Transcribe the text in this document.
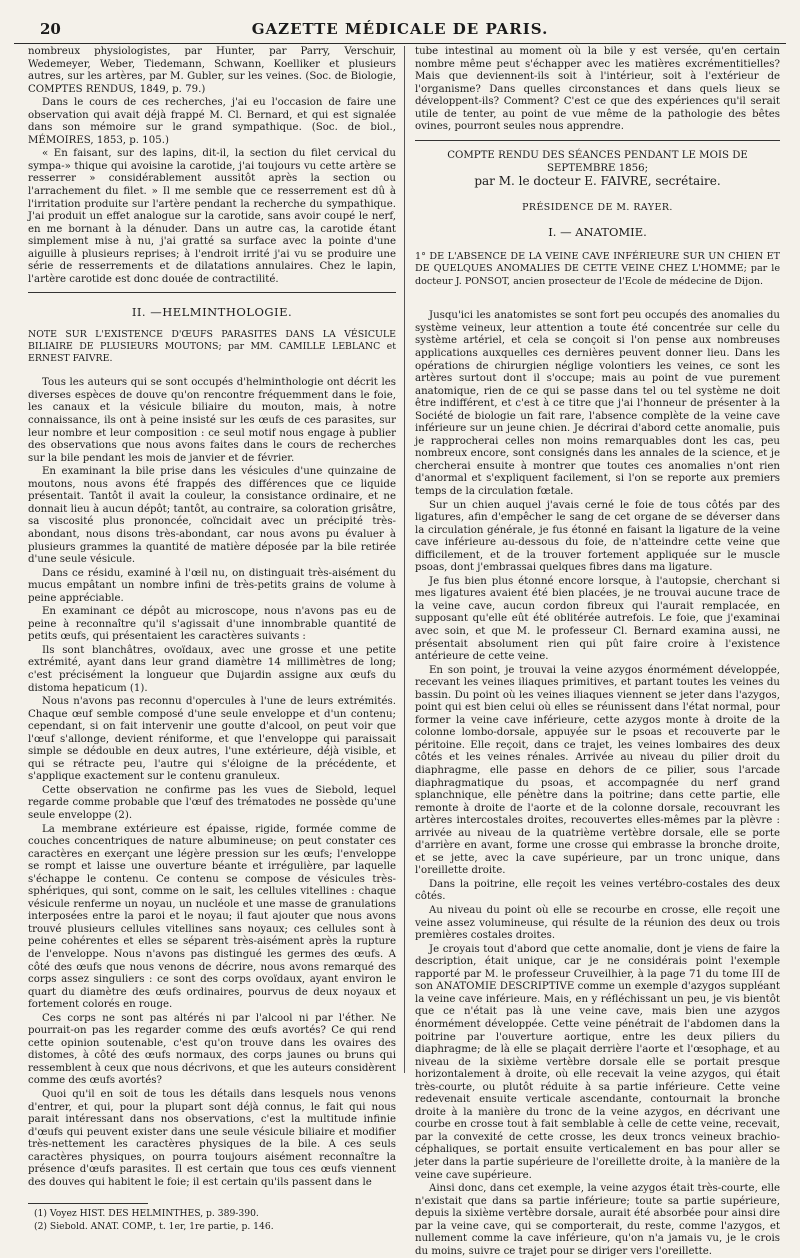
20	GAZETTE MÉDICALE DE PARIS.

nombreux physiologistes, par Hunter, par Parry, Verschuir, Wedemeyer, Weber, Tiedemann, Schwann, Koelliker et plusieurs autres, sur les artères, par M. Gubler, sur les veines. (Soc. de Biologie, COMPTES RENDUS, 1849, p. 79.)

Dans le cours de ces recherches, j'ai eu l'occasion de faire une observation qui avait déjà frappé M. Cl. Bernard, et qui est signalée dans son mémoire sur le grand sympathique. (Soc. de biol., MÉMOIRES, 1853, p. 105.)

« En faisant, sur des lapins, dit-il, la section du filet cervical du sympa-» thique qui avoisine la carotide, j'ai toujours vu cette artère se resserrer » considérablement aussitôt après la section ou l'arrachement du filet. » Il me semble que ce resserrement est dû à l'irritation produite sur l'artère pendant la recherche du sympathique. J'ai produit un effet analogue sur la carotide, sans avoir coupé le nerf, en me bornant à la dénuder. Dans un autre cas, la carotide étant simplement mise à nu, j'ai gratté sa surface avec la pointe d'une aiguille à plusieurs reprises; à l'endroit irrité j'ai vu se produire une série de resserrements et de dilatations annulaires. Chez le lapin, l'artère carotide est donc douée de contractilité.

II. —HELMINTHOLOGIE.
NOTE SUR L'EXISTENCE D'ŒUFS PARASITES DANS LA VÉSICULE BILIAIRE DE PLUSIEURS MOUTONS; par MM. CAMILLE LEBLANC et ERNEST FAIVRE.

Tous les auteurs qui se sont occupés d'helminthologie ont décrit les diverses espèces de douve qu'on rencontre fréquemment dans le foie, les canaux et la vésicule biliaire du mouton, mais, à notre connaissance, ils ont à peine insisté sur les œufs de ces parasites, sur leur nombre et leur composition : ce seul motif nous engage à publier des observations que nous avons faites dans le cours de recherches sur la bile pendant les mois de janvier et de février.

En examinant la bile prise dans les vésicules d'une quinzaine de moutons, nous avons été frappés des différences que ce liquide présentait. Tantôt il avait la couleur, la consistance ordinaire, et ne donnait lieu à aucun dépôt; tantôt, au contraire, sa coloration grisâtre, sa viscosité plus prononcée, coïncidait avec un précipité très-abondant, nous disons très-abondant, car nous avons pu évaluer à plusieurs grammes la quantité de matière déposée par la bile retirée d'une seule vésicule.

Dans ce résidu, examiné à l'œil nu, on distinguait très-aisément du mucus empâtant un nombre infini de très-petits grains de volume à peine appréciable.

En examinant ce dépôt au microscope, nous n'avons pas eu de peine à reconnaître qu'il s'agissait d'une innombrable quantité de petits œufs, qui présentaient les caractères suivants :

Ils sont blanchâtres, ovoïdaux, avec une grosse et une petite extrémité, ayant dans leur grand diamètre 14 millimètres de long; c'est précisément la longueur que Dujardin assigne aux œufs du distoma hepaticum (1).

Nous n'avons pas reconnu d'opercules à l'une de leurs extrémités. Chaque œuf semble composé d'une seule enveloppe et d'un contenu; cependant, si on fait intervenir une goutte d'alcool, on peut voir que l'œuf s'allonge, devient réniforme, et que l'enveloppe qui paraissait simple se dédouble en deux autres, l'une extérieure, déjà visible, et qui se rétracte peu, l'autre qui s'éloigne de la précédente, et s'applique exactement sur le contenu granuleux.

Cette observation ne confirme pas les vues de Siebold, lequel regarde comme probable que l'œuf des trématodes ne possède qu'une seule enveloppe (2).

La membrane extérieure est épaisse, rigide, formée comme de couches concentriques de nature albumineuse; on peut constater ces caractères en exerçant une légère pression sur les œufs; l'enveloppe se rompt et laisse une ouverture béante et irrégulière, par laquelle s'échappe le contenu. Ce contenu se compose de vésicules très-sphériques, qui sont, comme on le sait, les cellules vitellines : chaque vésicule renferme un noyau, un nucléole et une masse de granulations interposées entre la paroi et le noyau; il faut ajouter que nous avons trouvé plusieurs cellules vitellines sans noyaux; ces cellules sont à peine cohérentes et elles se séparent très-aisément après la rupture de l'enveloppe. Nous n'avons pas distingué les germes des œufs. A côté des œufs que nous venons de décrire, nous avons remarqué des corps assez singuliers : ce sont des corps ovoïdaux, ayant environ le quart du diamètre des œufs ordinaires, pourvus de deux noyaux et fortement colorés en rouge.

Ces corps ne sont pas altérés ni par l'alcool ni par l'éther. Ne pourrait-on pas les regarder comme des œufs avortés? Ce qui rend cette opinion soutenable, c'est qu'on trouve dans les ovaires des distomes, à côté des œufs normaux, des corps jaunes ou bruns qui ressemblent à ceux que nous décrivons, et que les auteurs considèrent comme des œufs avortés?

Quoi qu'il en soit de tous les détails dans lesquels nous venons d'entrer, et qui, pour la plupart sont déjà connus, le fait qui nous parait intéressant dans nos observations, c'est la multitude infinie d'œufs qui peuvent exister dans une seule vésicule biliaire et modifier très-nettement les caractères physiques de la bile. A ces seuls caractères physiques, on pourra toujours aisément reconnaître la présence d'œufs parasites. Il est certain que tous ces œufs viennent des douves qui habitent le foie; il est certain qu'ils passent dans le

(1) Voyez HIST. DES HELMINTHES, p. 389-390.

(2) Siebold. ANAT. COMP., t. 1er, 1re partie, p. 146.

tube intestinal au moment où la bile y est versée, qu'en certain nombre même peut s'échapper avec les matières excrémentitielles? Mais que deviennent-ils soit à l'intérieur, soit à l'extérieur de l'organisme? Dans quelles circonstances et dans quels lieux se développent-ils? Comment? C'est ce que des expériences qu'il serait utile de tenter, au point de vue même de la pathologie des bêtes ovines, pourront seules nous apprendre.

COMPTE RENDU DES SÉANCES PENDANT LE MOIS DE SEPTEMBRE 1856;
par M. le docteur E. FAIVRE, secrétaire.
PRÉSIDENCE DE M. RAYER.
I. — ANATOMIE.
1° DE L'ABSENCE DE LA VEINE CAVE INFÉRIEURE SUR UN CHIEN ET DE QUELQUES ANOMALIES DE CETTE VEINE CHEZ L'HOMME; par le docteur J. PONSOT, ancien prosecteur de l'Ecole de médecine de Dijon.

Jusqu'ici les anatomistes se sont fort peu occupés des anomalies du système veineux, leur attention a toute été concentrée sur celle du système artériel, et cela se conçoit si l'on pense aux nombreuses applications auxquelles ces dernières peuvent donner lieu. Dans les opérations de chirurgien néglige volontiers les veines, ce sont les artères surtout dont il s'occupe; mais au point de vue purement anatomique, rien de ce qui se passe dans tel ou tel système ne doit être indifférent, et c'est à ce titre que j'ai l'honneur de présenter à la Société de biologie un fait rare, l'absence complète de la veine cave inférieure sur un jeune chien. Je décrirai d'abord cette anomalie, puis je rapprocherai celles non moins remarquables dont les cas, peu nombreux encore, sont consignés dans les annales de la science, et je chercherai ensuite à montrer que toutes ces anomalies n'ont rien d'anormal et s'expliquent facilement, si l'on se reporte aux premiers temps de la circulation fœtale.

Sur un chien auquel j'avais cerné le foie de tous côtés par des ligatures, afin d'empêcher le sang de cet organe de se déverser dans la circulation générale, je fus étonné en faisant la ligature de la veine cave inférieure au-dessous du foie, de n'atteindre cette veine que difficilement, et de la trouver fortement appliquée sur le muscle psoas, dont j'embrassai quelques fibres dans ma ligature.

Je fus bien plus étonné encore lorsque, à l'autopsie, cherchant si mes ligatures avaient été bien placées, je ne trouvai aucune trace de la veine cave, aucun cordon fibreux qui l'aurait remplacée, en supposant qu'elle eût été oblitérée autrefois. Le foie, que j'examinai avec soin, et que M. le professeur Cl. Bernard examina aussi, ne présentait absolument rien qui pût faire croire à l'existence antérieure de cette veine.

En son point, je trouvai la veine azygos énormément développée, recevant les veines iliaques primitives, et partant toutes les veines du bassin. Du point où les veines iliaques viennent se jeter dans l'azygos, point qui est bien celui où elles se réunissent dans l'état normal, pour former la veine cave inférieure, cette azygos monte à droite de la colonne lombo-dorsale, appuyée sur le psoas et recouverte par le péritoine. Elle reçoit, dans ce trajet, les veines lombaires des deux côtés et les veines rénales. Arrivée au niveau du pilier droit du diaphragme, elle passe en dehors de ce pilier, sous l'arcade diaphragmatique du psoas, et accompagnée du nerf grand splanchnique, elle pénètre dans la poitrine; dans cette partie, elle remonte à droite de l'aorte et de la colonne dorsale, recouvrant les artères intercostales droites, recouvertes elles-mêmes par la plèvre : arrivée au niveau de la quatrième vertèbre dorsale, elle se porte d'arrière en avant, forme une crosse qui embrasse la bronche droite, et se jette, avec la cave supérieure, par un tronc unique, dans l'oreillette droite.

Dans la poitrine, elle reçoit les veines vertébro-costales des deux côtés.

Au niveau du point où elle se recourbe en crosse, elle reçoit une veine assez volumineuse, qui résulte de la réunion des deux ou trois premières costales droites.

Je croyais tout d'abord que cette anomalie, dont je viens de faire la description, était unique, car je ne considérais point l'exemple rapporté par M. le professeur Cruveilhier, à la page 71 du tome III de son ANATOMIE DESCRIPTIVE comme un exemple d'azygos suppléant la veine cave inférieure. Mais, en y réfléchissant un peu, je vis bientôt que ce n'était pas là une veine cave, mais bien une azygos énormément développée. Cette veine pénétrait de l'abdomen dans la poitrine par l'ouverture aortique, entre les deux piliers du diaphragme; de là elle se plaçait derrière l'aorte et l'œsophage, et au niveau de la sixième vertèbre dorsale elle se portait presque horizontalement à droite, où elle recevait la veine azygos, qui était très-courte, ou plutôt réduite à sa partie inférieure. Cette veine redevenait ensuite verticale ascendante, contournait la bronche droite à la manière du tronc de la veine azygos, en décrivant une courbe en crosse tout à fait semblable à celle de cette veine, recevait, par la convexité de cette crosse, les deux troncs veineux brachio-céphaliques, se portait ensuite verticalement en bas pour aller se jeter dans la partie supérieure de l'oreillette droite, à la manière de la veine cave supérieure.

Ainsi donc, dans cet exemple, la veine azygos était très-courte, elle n'existait que dans sa partie inférieure; toute sa partie supérieure, depuis la sixième vertèbre dorsale, aurait été absorbée pour ainsi dire par la veine cave, qui se comporterait, du reste, comme l'azygos, et nullement comme la cave inférieure, qu'on n'a jamais vu, je le crois du moins, suivre ce trajet pour se diriger vers l'oreillette.
